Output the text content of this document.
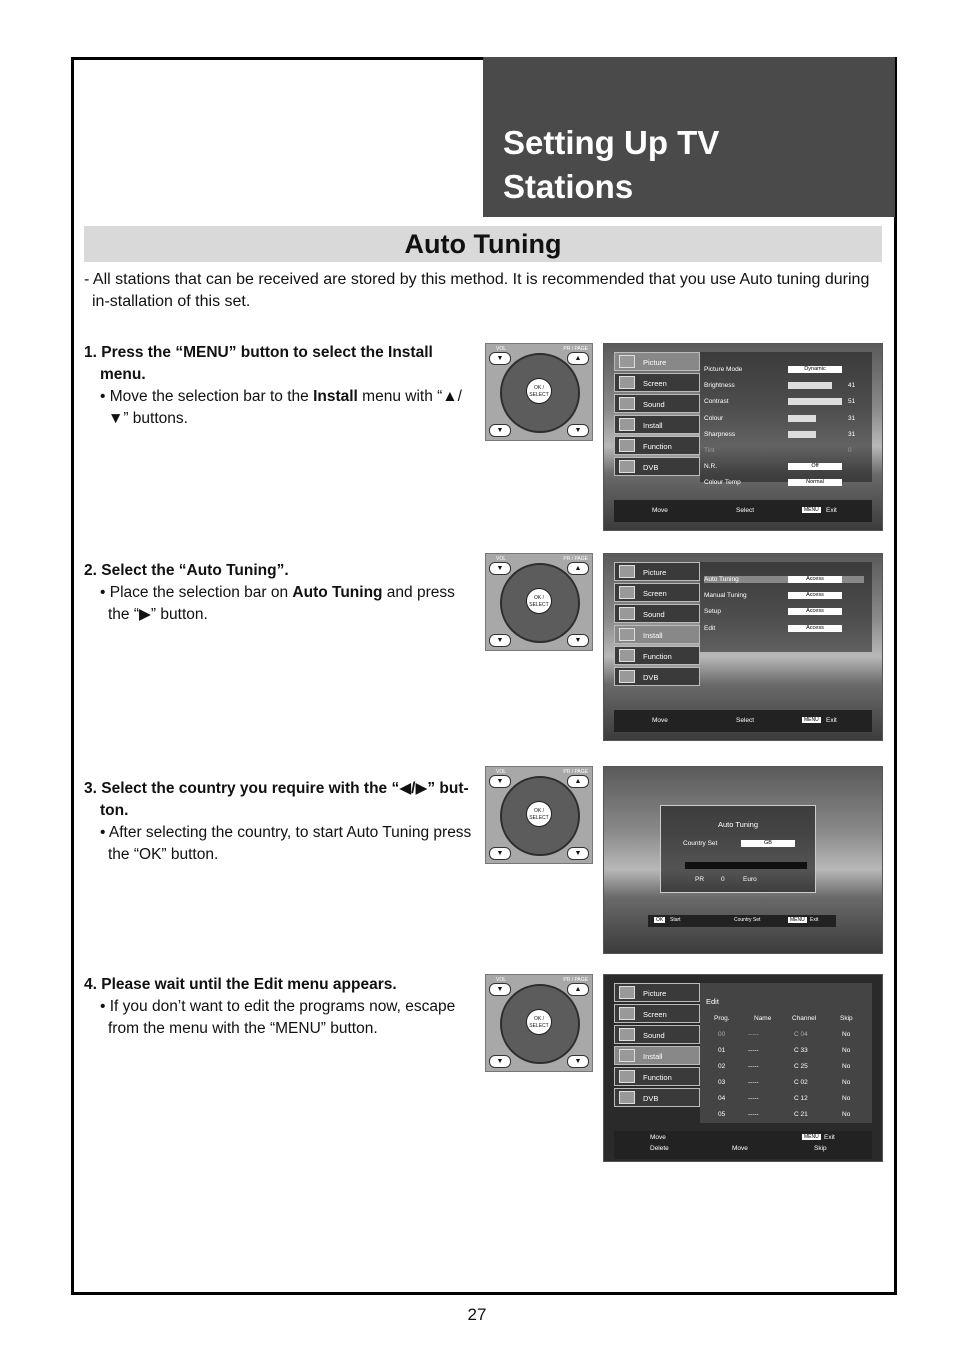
Setting Up TV
Stations
Auto Tuning

- All stations that can be received are stored by this method. It is recommended that you use Auto tuning during in-stallation of this set.

1. Press the “MENU” button to select the Install menu.
• Move the selection bar to the Install menu with “▲/▼” buttons.
2. Select the “Auto Tuning”.
• Place the selection bar on Auto Tuning and press the “▶” button.
3. Select the country you require with the “◀/▶” but-ton.
• After selecting the country, to start Auto Tuning press the “OK” button.
4. Please wait until the Edit menu appears.
• If you don’t want to edit the programs now, escape from the menu with the “MENU” button.
VOL	PR / PAGE
OK / SELECT
▼	▼
▼	▲
VOL	PR / PAGE
OK / SELECT
▼	▼
▼	▲
VOL	PR / PAGE
OK / SELECT
▼	▼
▼	▲
VOL	PR / PAGE
OK / SELECT
▼	▼
▼	▲
Picture
Screen
Sound
Install
Function
DVB
Picture Mode	Dynamic
Brightness	41
Contrast	51
Colour	31
Sharpness	31
Tint	0
N.R.	Off
Colour Temp	Normal
Move	Select	MENU	Exit
Picture
Screen
Sound
Install
Function
DVB
Auto Tuning	Access
Manual Tuning	Access
Setup	Access
Edit	Access
Move	Select	MENU	Exit
Auto Tuning
Country Set	GB
PR	0	Euro
OK	Start	Country Set	MENU	Exit
Picture
Screen
Sound
Install
Function
DVB
Edit
Prog.	Name	Channel	Skip
00	-----	C 04	No
01	-----	C 33	No
02	-----	C 25	No
03	-----	C 02	No
04	-----	C 12	No
05	-----	C 21	No
Move
Delete	Move
MENU Exit
Skip
27
